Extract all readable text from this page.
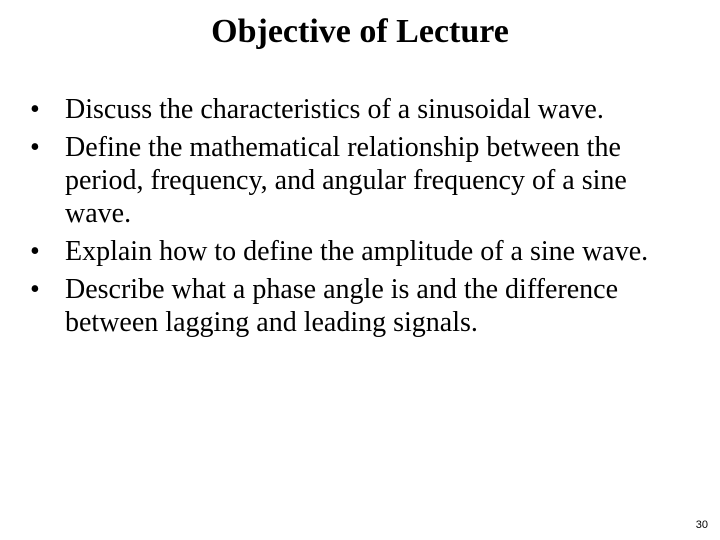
Objective of Lecture
• Discuss the characteristics of a sinusoidal wave.
• Define the mathematical relationship between the period, frequency, and angular frequency of a sine wave.
• Explain how to define the amplitude of a sine wave.
• Describe what a phase angle is and the difference between lagging and leading signals.
30
